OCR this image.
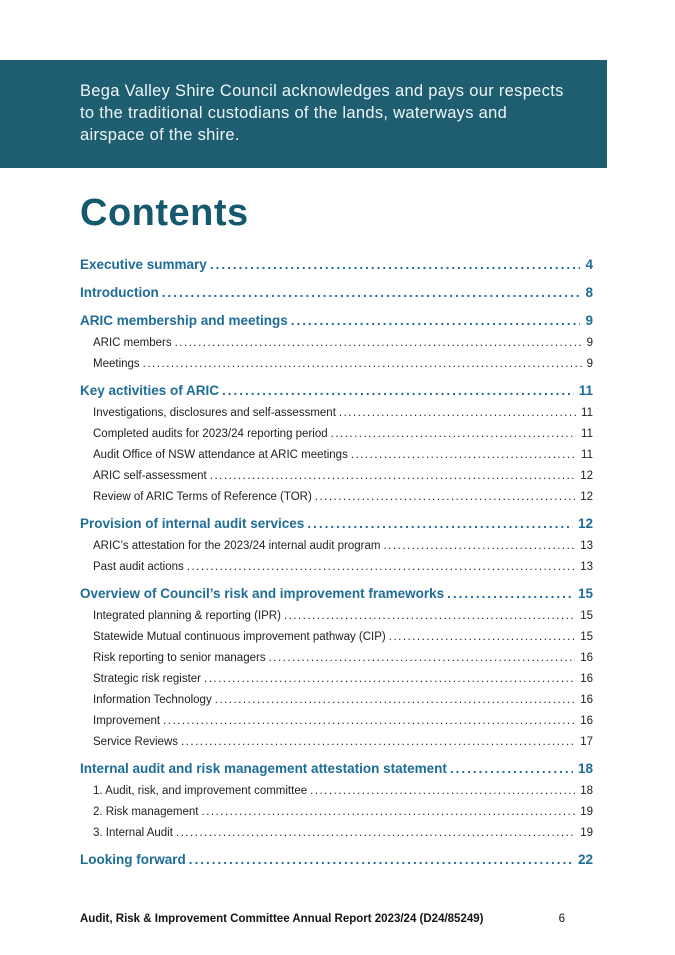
Bega Valley Shire Council acknowledges and pays our respects to the traditional custodians of the lands, waterways and airspace of the shire.

Contents
Executive summary .....	4
Introduction .....	8
ARIC membership and meetings .....	9
ARIC members .....	9
Meetings .....	9
Key activities of ARIC .....	11
Investigations, disclosures and self-assessment .....	11
Completed audits for 2023/24 reporting period .....	11
Audit Office of NSW attendance at ARIC meetings .....	11
ARIC self-assessment .....	12
Review of ARIC Terms of Reference (TOR) .....	12
Provision of internal audit services .....	12
ARIC’s attestation for the 2023/24 internal audit program .....	13
Past audit actions .....	13
Overview of Council’s risk and improvement frameworks .....	15
Integrated planning & reporting (IPR) .....	15
Statewide Mutual continuous improvement pathway (CIP) .....	15
Risk reporting to senior managers .....	16
Strategic risk register .....	16
Information Technology .....	16
Improvement .....	16
Service Reviews .....	17
Internal audit and risk management attestation statement .....	18
1. Audit, risk, and improvement committee .....	18
2. Risk management .....	19
3. Internal Audit .....	19
Looking forward .....	22
Audit, Risk & Improvement Committee Annual Report 2023/24 (D24/85249)	6
